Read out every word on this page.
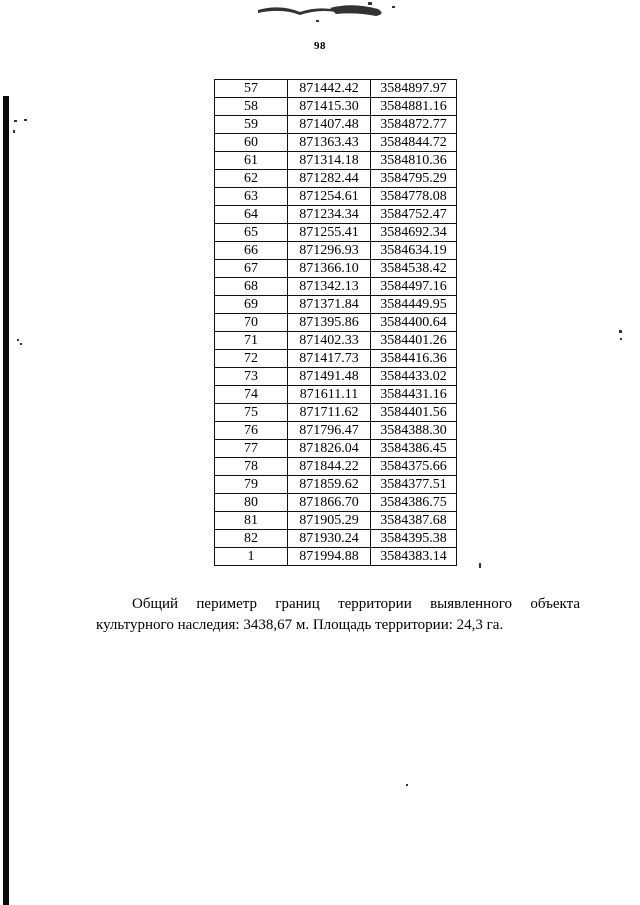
98
57	871442.42	3584897.97
58	871415.30	3584881.16
59	871407.48	3584872.77
60	871363.43	3584844.72
61	871314.18	3584810.36
62	871282.44	3584795.29
63	871254.61	3584778.08
64	871234.34	3584752.47
65	871255.41	3584692.34
66	871296.93	3584634.19
67	871366.10	3584538.42
68	871342.13	3584497.16
69	871371.84	3584449.95
70	871395.86	3584400.64
71	871402.33	3584401.26
72	871417.73	3584416.36
73	871491.48	3584433.02
74	871611.11	3584431.16
75	871711.62	3584401.56
76	871796.47	3584388.30
77	871826.04	3584386.45
78	871844.22	3584375.66
79	871859.62	3584377.51
80	871866.70	3584386.75
81	871905.29	3584387.68
82	871930.24	3584395.38
1	871994.88	3584383.14
Общий периметр границ территории выявленного объекта
культурного наследия: 3438,67 м. Площадь территории: 24,3 га.
